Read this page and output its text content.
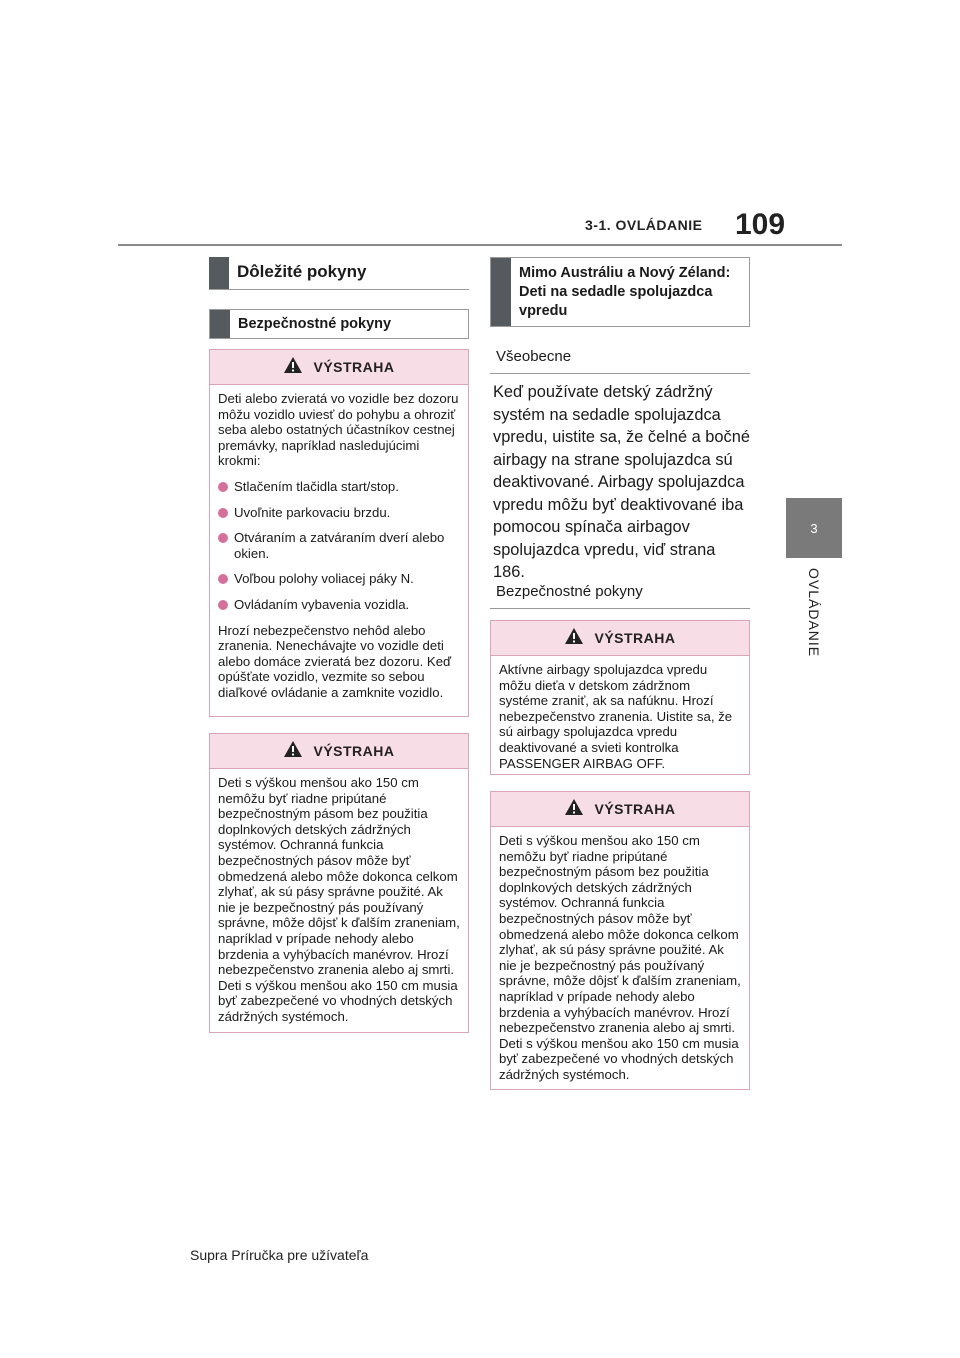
3-1. OVLÁDANIE 109
3
OVLÁDANIE
Dôležité pokyny
Bezpečnostné pokyny
VÝSTRAHA

Deti alebo zvieratá vo vozidle bez dozoru môžu vozidlo uviesť do pohybu a ohroziť seba alebo ostatných účastníkov cestnej premávky, napríklad nasledujúcimi krokmi:

Stlačením tlačidla start/stop.
Uvoľnite parkovaciu brzdu.
Otváraním a zatváraním dverí alebo okien.
Voľbou polohy voliacej páky N.
Ovládaním vybavenia vozidla.

Hrozí nebezpečenstvo nehôd alebo zranenia. Nenechávajte vo vozidle deti alebo domáce zvieratá bez dozoru. Keď opúšťate vozidlo, vezmite so sebou diaľkové ovládanie a zamknite vozidlo.

VÝSTRAHA

Deti s výškou menšou ako 150 cm nemôžu byť riadne pripútané bezpečnostným pásom bez použitia doplnkových detských zádržných systémov. Ochranná funkcia bezpečnostných pásov môže byť obmedzená alebo môže dokonca celkom zlyhať, ak sú pásy správne použité. Ak nie je bezpečnostný pás používaný správne, môže dôjsť k ďalším zraneniam, napríklad v prípade nehody alebo brzdenia a vyhýbacích manévrov. Hrozí nebezpečenstvo zranenia alebo aj smrti. Deti s výškou menšou ako 150 cm musia byť zabezpečené vo vhodných detských zádržných systémoch.

Mimo Austráliu a Nový Zéland: Deti na sedadle spolujazdca vpredu
Všeobecne
Keď používate detský zádržný systém na sedadle spolujazdca vpredu, uistite sa, že čelné a bočné airbagy na strane spolujazdca sú deaktivované. Airbagy spolujazdca vpredu môžu byť deaktivované iba pomocou spínača airbagov spolujazdca vpredu, viď strana 186.
Bezpečnostné pokyny
VÝSTRAHA

Aktívne airbagy spolujazdca vpredu môžu dieťa v detskom zádržnom systéme zraniť, ak sa nafúknu. Hrozí nebezpečenstvo zranenia. Uistite sa, že sú airbagy spolujazdca vpredu deaktivované a svieti kontrolka PASSENGER AIRBAG OFF.

VÝSTRAHA

Deti s výškou menšou ako 150 cm nemôžu byť riadne pripútané bezpečnostným pásom bez použitia doplnkových detských zádržných systémov. Ochranná funkcia bezpečnostných pásov môže byť obmedzená alebo môže dokonca celkom zlyhať, ak sú pásy správne použité. Ak nie je bezpečnostný pás používaný správne, môže dôjsť k ďalším zraneniam, napríklad v prípade nehody alebo brzdenia a vyhýbacích manévrov. Hrozí nebezpečenstvo zranenia alebo aj smrti. Deti s výškou menšou ako 150 cm musia byť zabezpečené vo vhodných detských zádržných systémoch.

Supra Príručka pre užívateľa
